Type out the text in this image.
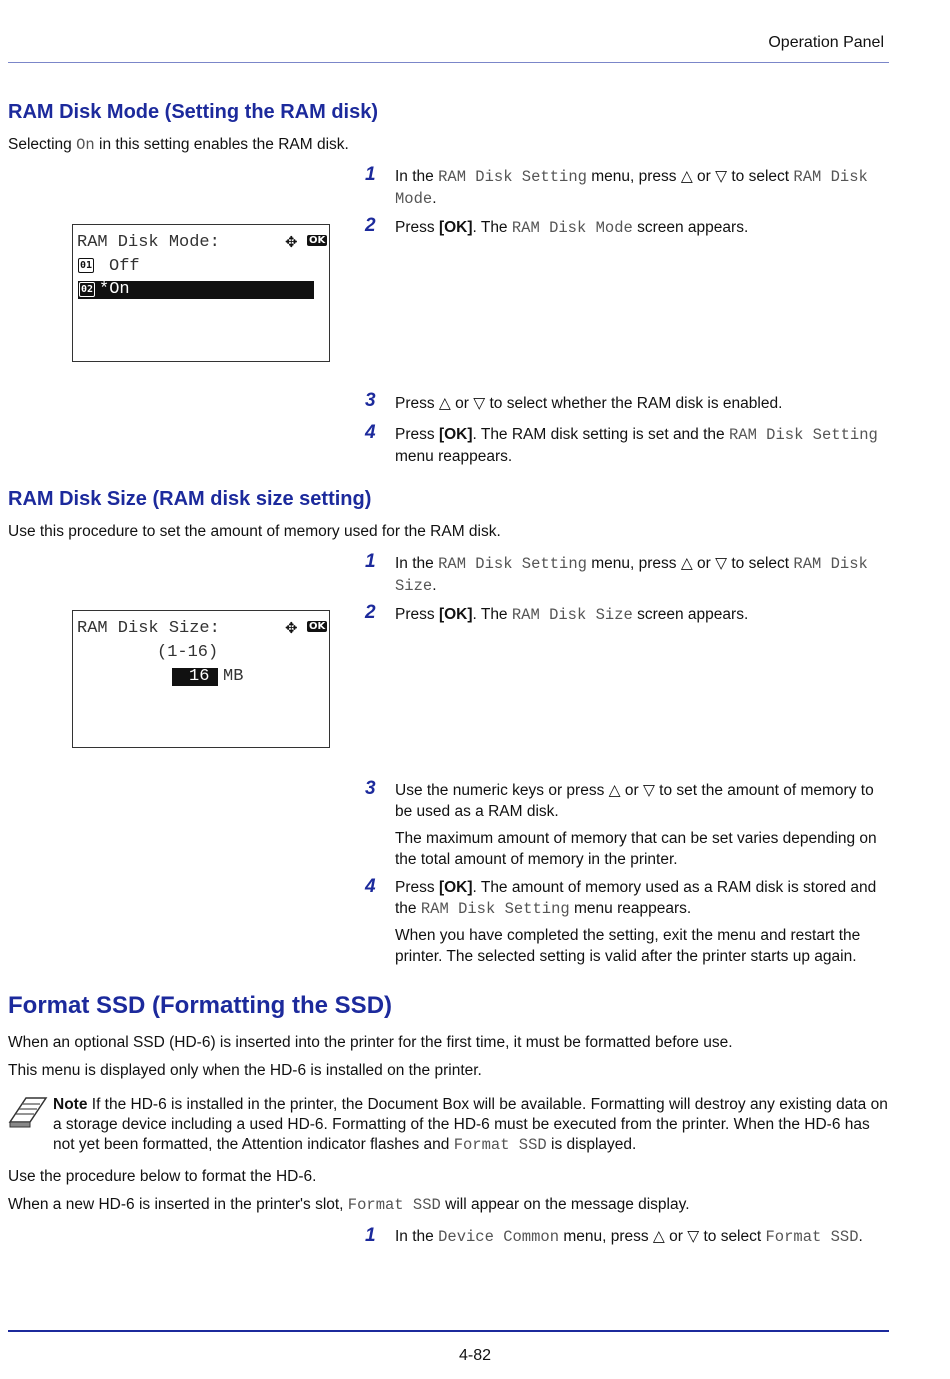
Operation Panel
RAM Disk Mode (Setting the RAM disk)
Selecting On in this setting enables the RAM disk.
RAM Disk Mode:	✥ OK
01 Off
02 *On
1 In the RAM Disk Setting menu, press △ or ▽ to select RAM Disk Mode.
2 Press [OK]. The RAM Disk Mode screen appears.
3 Press △ or ▽ to select whether the RAM disk is enabled.
4 Press [OK]. The RAM disk setting is set and the RAM Disk Setting menu reappears.
RAM Disk Size (RAM disk size setting)
Use this procedure to set the amount of memory used for the RAM disk.
RAM Disk Size:	✥ OK
(1-16)
16 MB
1 In the RAM Disk Setting menu, press △ or ▽ to select RAM Disk Size.
2 Press [OK]. The RAM Disk Size screen appears.
3 Use the numeric keys or press △ or ▽ to set the amount of memory to be used as a RAM disk.
The maximum amount of memory that can be set varies depending on the total amount of memory in the printer.
4 Press [OK]. The amount of memory used as a RAM disk is stored and the RAM Disk Setting menu reappears.
When you have completed the setting, exit the menu and restart the printer. The selected setting is valid after the printer starts up again.
Format SSD (Formatting the SSD)
When an optional SSD (HD-6) is inserted into the printer for the first time, it must be formatted before use.
This menu is displayed only when the HD-6 is installed on the printer.
Note If the HD-6 is installed in the printer, the Document Box will be available. Formatting will destroy any existing data on a storage device including a used HD-6. Formatting of the HD-6 must be executed from the printer. When the HD-6 has not yet been formatted, the Attention indicator flashes and Format SSD is displayed.
Use the procedure below to format the HD-6.
When a new HD-6 is inserted in the printer's slot, Format SSD will appear on the message display.
1 In the Device Common menu, press △ or ▽ to select Format SSD.
4-82
